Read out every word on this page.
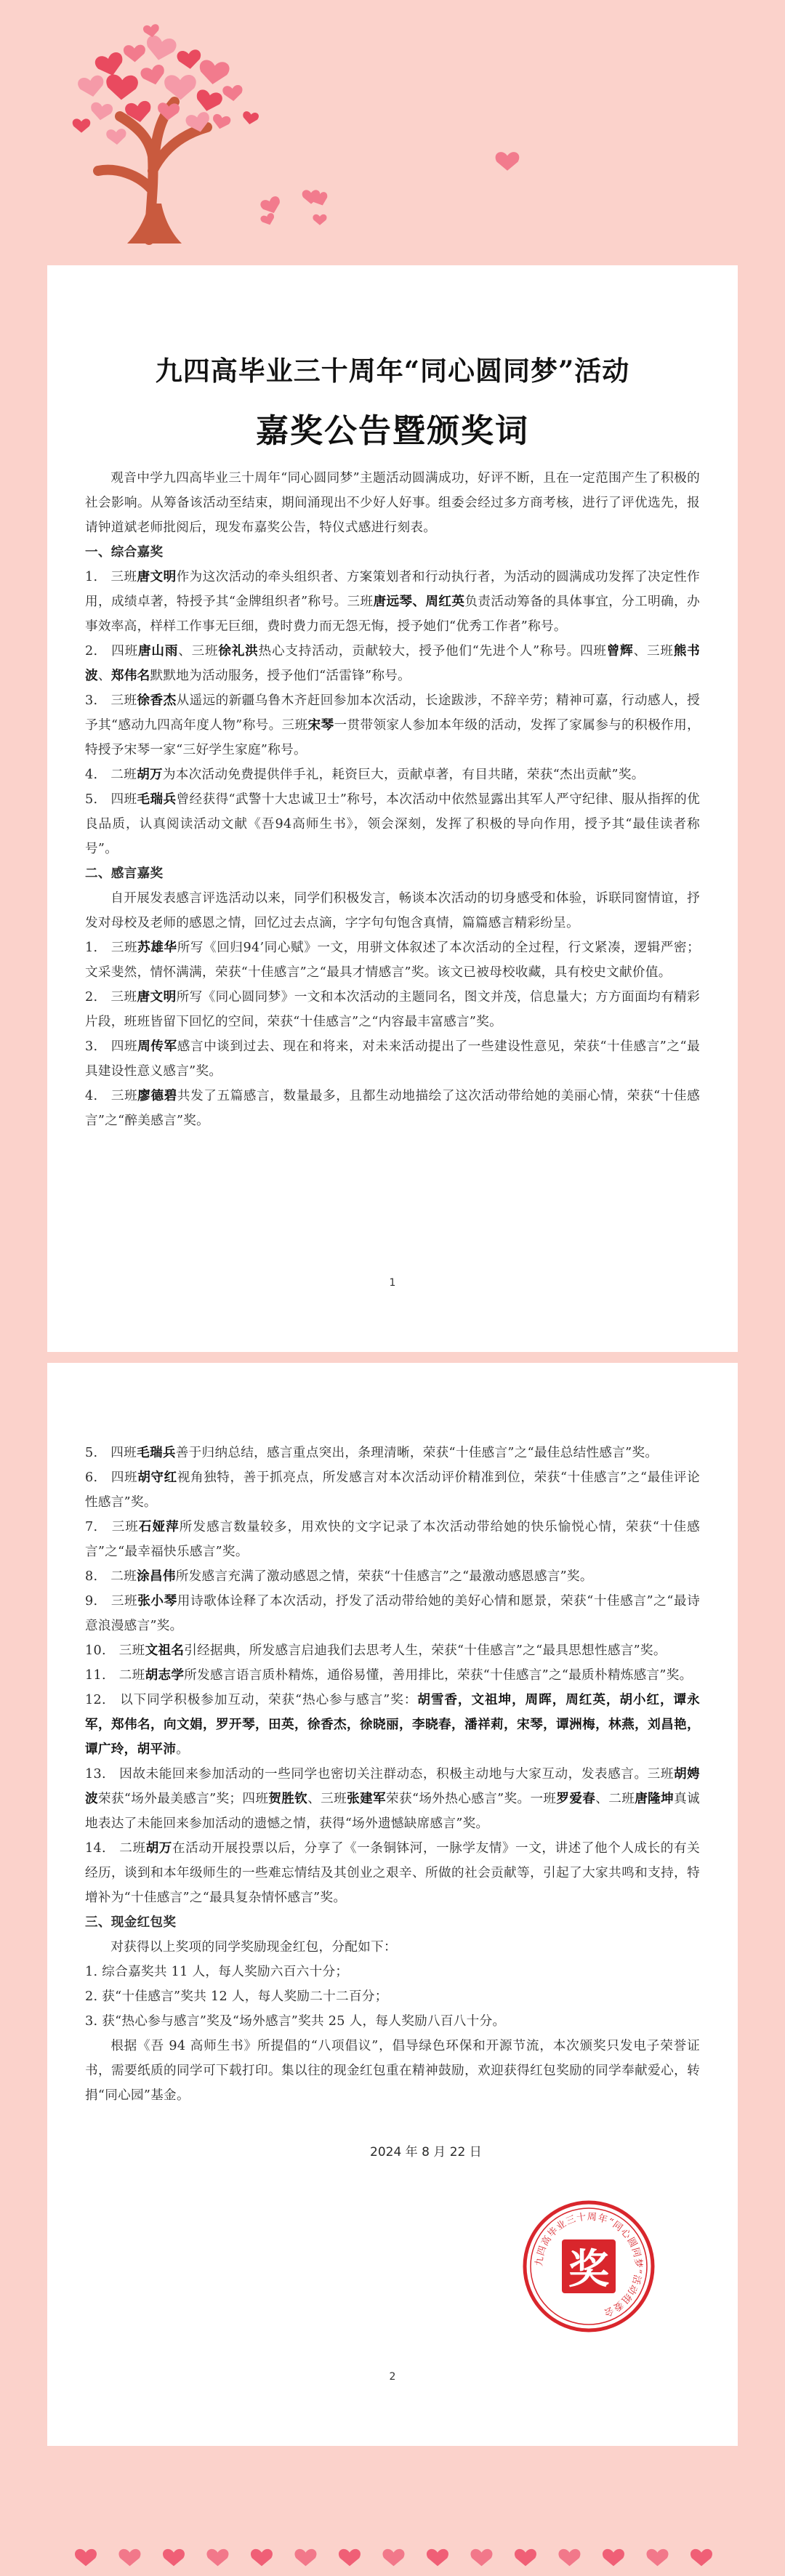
九四高毕业三十周年“同心圆同梦”活动
嘉奖公告暨颁奖词

观音中学九四高毕业三十周年“同心圆同梦”主题活动圆满成功，好评不断，且在一定范围产生了积极的社会影响。从筹备该活动至结束，期间涌现出不少好人好事。组委会经过多方商考核，进行了评优选先，报请钟道斌老师批阅后，现发布嘉奖公告，特仪式感进行刻表。

一、综合嘉奖

1.　三班唐文明作为这次活动的牵头组织者、方案策划者和行动执行者，为活动的圆满成功发挥了决定性作用，成绩卓著，特授予其“金牌组织者”称号。三班唐远琴、周红英负责活动筹备的具体事宜，分工明确，办事效率高，样样工作事无巨细，费时费力而无怨无悔，授予她们“优秀工作者”称号。

2.　四班唐山雨、三班徐礼洪热心支持活动，贡献较大，授予他们“先进个人”称号。四班曾辉、三班熊书波、郑伟名默默地为活动服务，授予他们“活雷锋”称号。

3.　三班徐香杰从遥远的新疆乌鲁木齐赶回参加本次活动，长途跋涉，不辞辛劳；精神可嘉，行动感人，授予其“感动九四高年度人物”称号。三班宋琴一贯带领家人参加本年级的活动，发挥了家属参与的积极作用，特授予宋琴一家“三好学生家庭”称号。

4.　二班胡万为本次活动免费提供伴手礼，耗资巨大，贡献卓著，有目共睹，荣获“杰出贡献”奖。

5.　四班毛瑞兵曾经获得“武警十大忠诚卫士”称号，本次活动中依然显露出其军人严守纪律、服从指挥的优良品质，认真阅读活动文献《吾94高师生书》，领会深刻，发挥了积极的导向作用，授予其“最佳读者称号”。

二、感言嘉奖

自开展发表感言评选活动以来，同学们积极发言，畅谈本次活动的切身感受和体验，诉联同窗情谊，抒发对母校及老师的感恩之情，回忆过去点滴，字字句句饱含真情，篇篇感言精彩纷呈。

1.　三班苏雄华所写《回归94’同心赋》一文，用骈文体叙述了本次活动的全过程，行文紧凑，逻辑严密；文采斐然，情怀满满，荣获“十佳感言”之“最具才情感言”奖。该文已被母校收藏，具有校史文献价值。

2.　三班唐文明所写《同心圆同梦》一文和本次活动的主题同名，图文并茂，信息量大；方方面面均有精彩片段，班班皆留下回忆的空间，荣获“十佳感言”之“内容最丰富感言”奖。

3.　四班周传军感言中谈到过去、现在和将来，对未来活动提出了一些建设性意见，荣获“十佳感言”之“最具建设性意义感言”奖。

4.　三班廖德碧共发了五篇感言，数量最多，且都生动地描绘了这次活动带给她的美丽心情，荣获“十佳感言”之“醉美感言”奖。

1

5.　四班毛瑞兵善于归纳总结，感言重点突出，条理清晰，荣获“十佳感言”之“最佳总结性感言”奖。

6.　四班胡守红视角独特，善于抓亮点，所发感言对本次活动评价精准到位，荣获“十佳感言”之“最佳评论性感言”奖。

7.　三班石娅萍所发感言数量较多，用欢快的文字记录了本次活动带给她的快乐愉悦心情，荣获“十佳感言”之“最幸福快乐感言”奖。

8.　二班涂昌伟所发感言充满了激动感恩之情，荣获“十佳感言”之“最激动感恩感言”奖。

9.　三班张小琴用诗歌体诠释了本次活动，抒发了活动带给她的美好心情和愿景，荣获“十佳感言”之“最诗意浪漫感言”奖。

10.　三班文祖名引经据典，所发感言启迪我们去思考人生，荣获“十佳感言”之“最具思想性感言”奖。

11.　二班胡志学所发感言语言质朴精炼，通俗易懂，善用排比，荣获“十佳感言”之“最质朴精炼感言”奖。

12.　以下同学积极参加互动，荣获“热心参与感言”奖：胡雪香，文祖坤，周晖，周红英，胡小红，谭永军，郑伟名，向文娟，罗开琴，田英，徐香杰，徐晓丽，李晓春，潘祥莉，宋琴，谭洲梅，林燕，刘昌艳，谭广玲，胡平沛。

13.　因故未能回来参加活动的一些同学也密切关注群动态，积极主动地与大家互动，发表感言。三班胡娉波荣获“场外最美感言”奖；四班贺胜钦、三班张建军荣获“场外热心感言”奖。一班罗爱春、二班唐隆坤真诚地表达了未能回来参加活动的遗憾之情，获得“场外遗憾缺席感言”奖。

14.　二班胡万在活动开展投票以后，分享了《一条铜钵河，一脉学友情》一文，讲述了他个人成长的有关经历，谈到和本年级师生的一些难忘情结及其创业之艰辛、所做的社会贡献等，引起了大家共鸣和支持，特增补为“十佳感言”之“最具复杂情怀感言”奖。

三、现金红包奖

对获得以上奖项的同学奖励现金红包，分配如下：

1. 综合嘉奖共 11 人，每人奖励六百六十分；

2. 获“十佳感言”奖共 12 人，每人奖励二十二百分；

3. 获“热心参与感言”奖及“场外感言”奖共 25 人，每人奖励八百八十分。

根据《吾 94 高师生书》所提倡的“八项倡议”，倡导绿色环保和开源节流，本次颁奖只发电子荣誉证书，需要纸质的同学可下载打印。集以往的现金红包重在精神鼓励，欢迎获得红包奖励的同学奉献爱心，转捐“同心园”基金。

2024 年 8 月 22 日
九四高毕业三十周年“同心圆同梦”活动组委会
奖
2
